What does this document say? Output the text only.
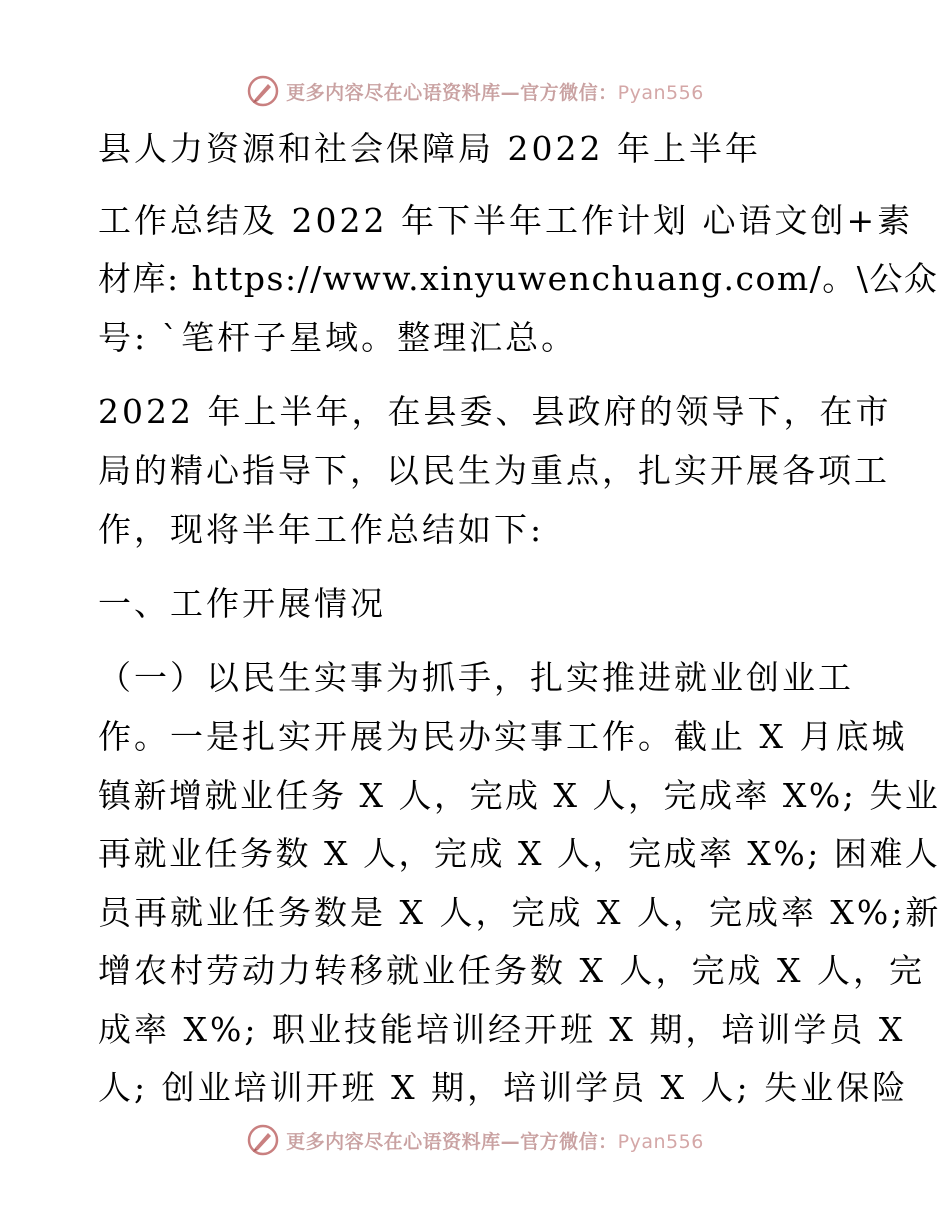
更多内容尽在心语资料库—官方微信：Pyan556
县人力资源和社会保障局 2022 年上半年
工作总结及 2022 年下半年工作计划 心语文创+素
材库: https://www.xinyuwenchuang.com/。\公众
号: `笔杆子星域。整理汇总。
2022 年上半年，在县委、县政府的领导下，在市
局的精心指导下，以民生为重点，扎实开展各项工
作，现将半年工作总结如下:
一、工作开展情况
（一）以民生实事为抓手，扎实推进就业创业工
作。一是扎实开展为民办实事工作。截止 X 月底城
镇新增就业任务 X 人，完成 X 人，完成率 X%; 失业
再就业任务数 X 人，完成 X 人，完成率 X%; 困难人
员再就业任务数是 X 人，完成 X 人，完成率 X%;新
增农村劳动力转移就业任务数 X 人，完成 X 人，完
成率 X%; 职业技能培训经开班 X 期，培训学员 X
人; 创业培训开班 X 期，培训学员 X 人; 失业保险
更多内容尽在心语资料库—官方微信：Pyan556
